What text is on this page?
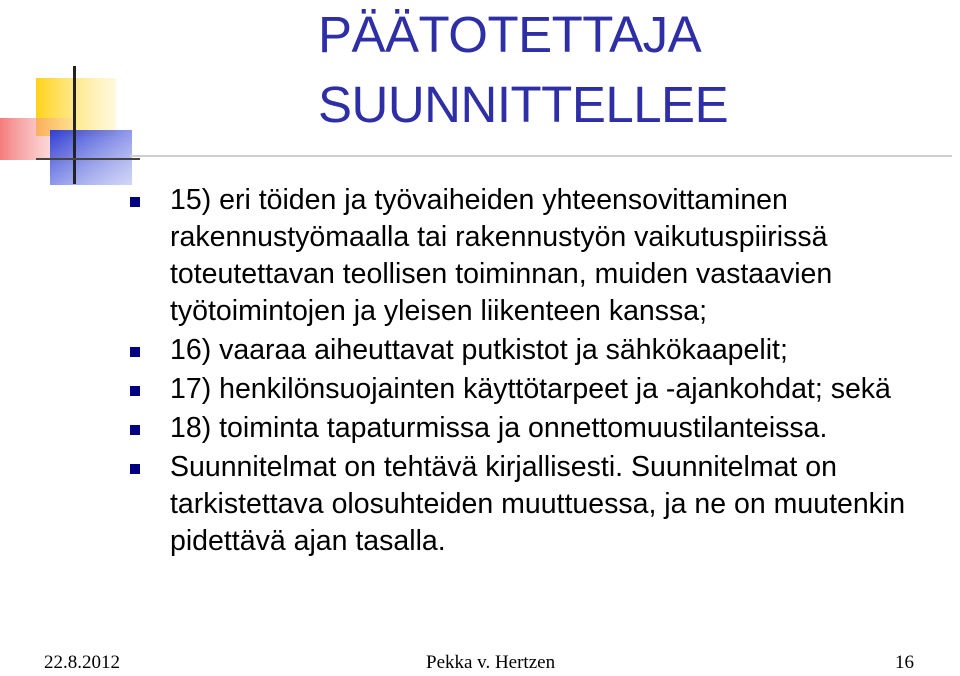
PÄÄTOTETTAJA
SUUNNITTELLEE
15) eri töiden ja työvaiheiden yhteensovittaminen rakennustyömaalla tai rakennustyön vaikutuspiirissä toteutettavan teollisen toiminnan, muiden vastaavien työtoimintojen ja yleisen liikenteen kanssa;
16) vaaraa aiheuttavat putkistot ja sähkökaapelit;
17) henkilönsuojainten käyttötarpeet ja -ajankohdat; sekä
18) toiminta tapaturmissa ja onnettomuustilanteissa.
Suunnitelmat on tehtävä kirjallisesti. Suunnitelmat on tarkistettava olosuhteiden muuttuessa, ja ne on muutenkin pidettävä ajan tasalla.
22.8.2012	Pekka v. Hertzen	16
